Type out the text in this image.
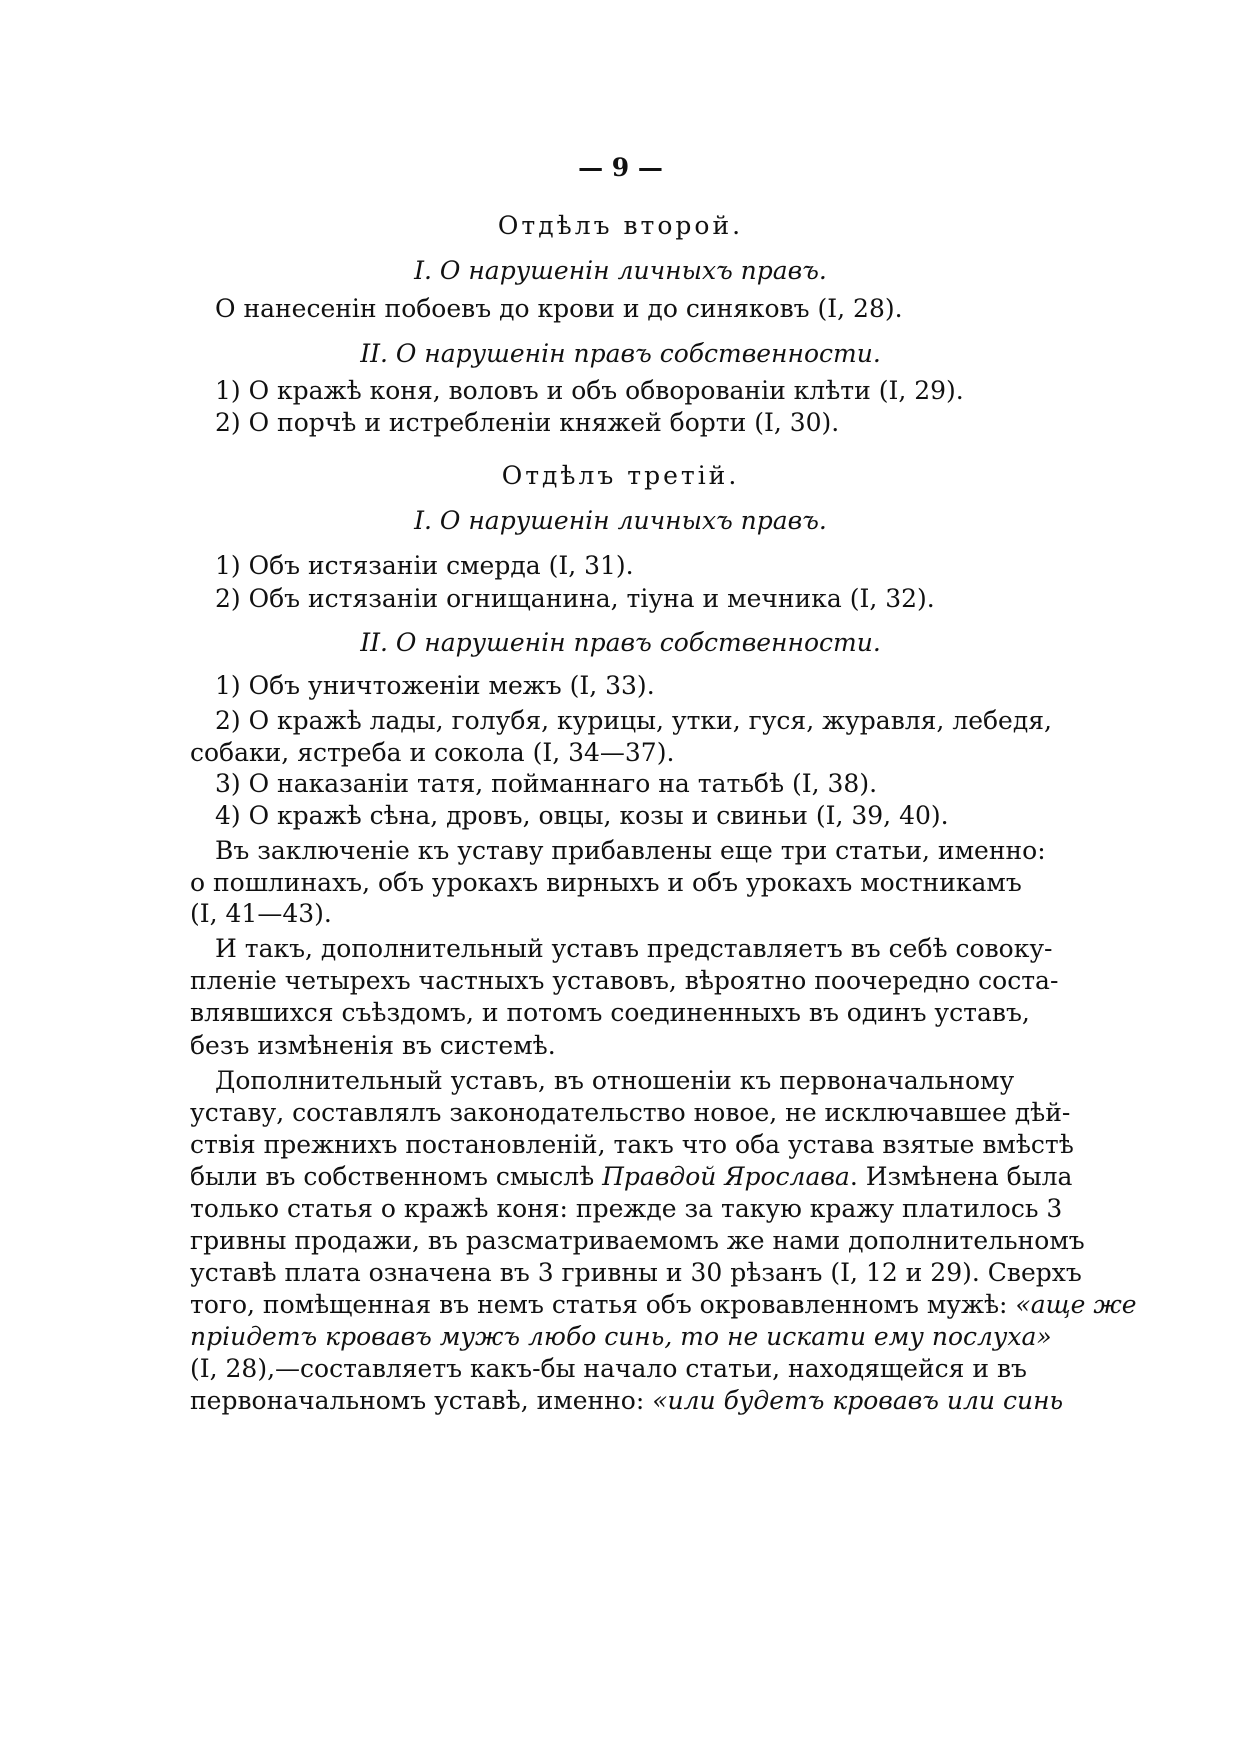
— 9 —
Отдѣлъ второй.
I. О нарушенін личныхъ правъ.
О нанесенін побоевъ до крови и до синяковъ (I, 28).
II. О нарушенін правъ собственности.
1) О кражѣ коня, воловъ и объ обворованіи клѣти (I, 29).
2) О порчѣ и истребленіи княжей борти (I, 30).
Отдѣлъ третій.
I. О нарушенін личныхъ правъ.
1) Объ истязаніи смерда (I, 31).
2) Объ истязаніи огнищанина, тіуна и мечника (I, 32).
II. О нарушенін правъ собственности.
1) Объ уничтоженіи межъ (I, 33).
2) О кражѣ лады, голубя, курицы, утки, гуся, журавля, лебедя,
собаки, ястреба и сокола (I, 34—37).
3) О наказаніи татя, пойманнаго на татьбѣ (I, 38).
4) О кражѣ сѣна, дровъ, овцы, козы и свиньи (I, 39, 40).
Въ заключеніе къ уставу прибавлены еще три статьи, именно:
о пошлинахъ, объ урокахъ вирныхъ и объ урокахъ мостникамъ
(I, 41—43).
И такъ, дополнительный уставъ представляетъ въ себѣ совоку-
пленіе четырехъ частныхъ уставовъ, вѣроятно поочередно соста-
влявшихся съѣздомъ, и потомъ соединенныхъ въ одинъ уставъ,
безъ измѣненія въ системѣ.
Дополнительный уставъ, въ отношеніи къ первоначальному
уставу, составлялъ законодательство новое, не исключавшее дѣй-
ствія прежнихъ постановленій, такъ что оба устава взятые вмѣстѣ
были въ собственномъ смыслѣ Правдой Ярослава. Измѣнена была
только статья о кражѣ коня: прежде за такую кражу платилось 3
гривны продажи, въ разсматриваемомъ же нами дополнительномъ
уставѣ плата означена въ 3 гривны и 30 рѣзанъ (I, 12 и 29). Сверхъ
того, помѣщенная въ немъ статья объ окровавленномъ мужѣ: «аще же
пріидетъ кровавъ мужъ любо синь, то не искати ему послуха»
(I, 28),—составляетъ какъ-бы начало статьи, находящейся и въ
первоначальномъ уставѣ, именно: «или будетъ кровавъ или синь
